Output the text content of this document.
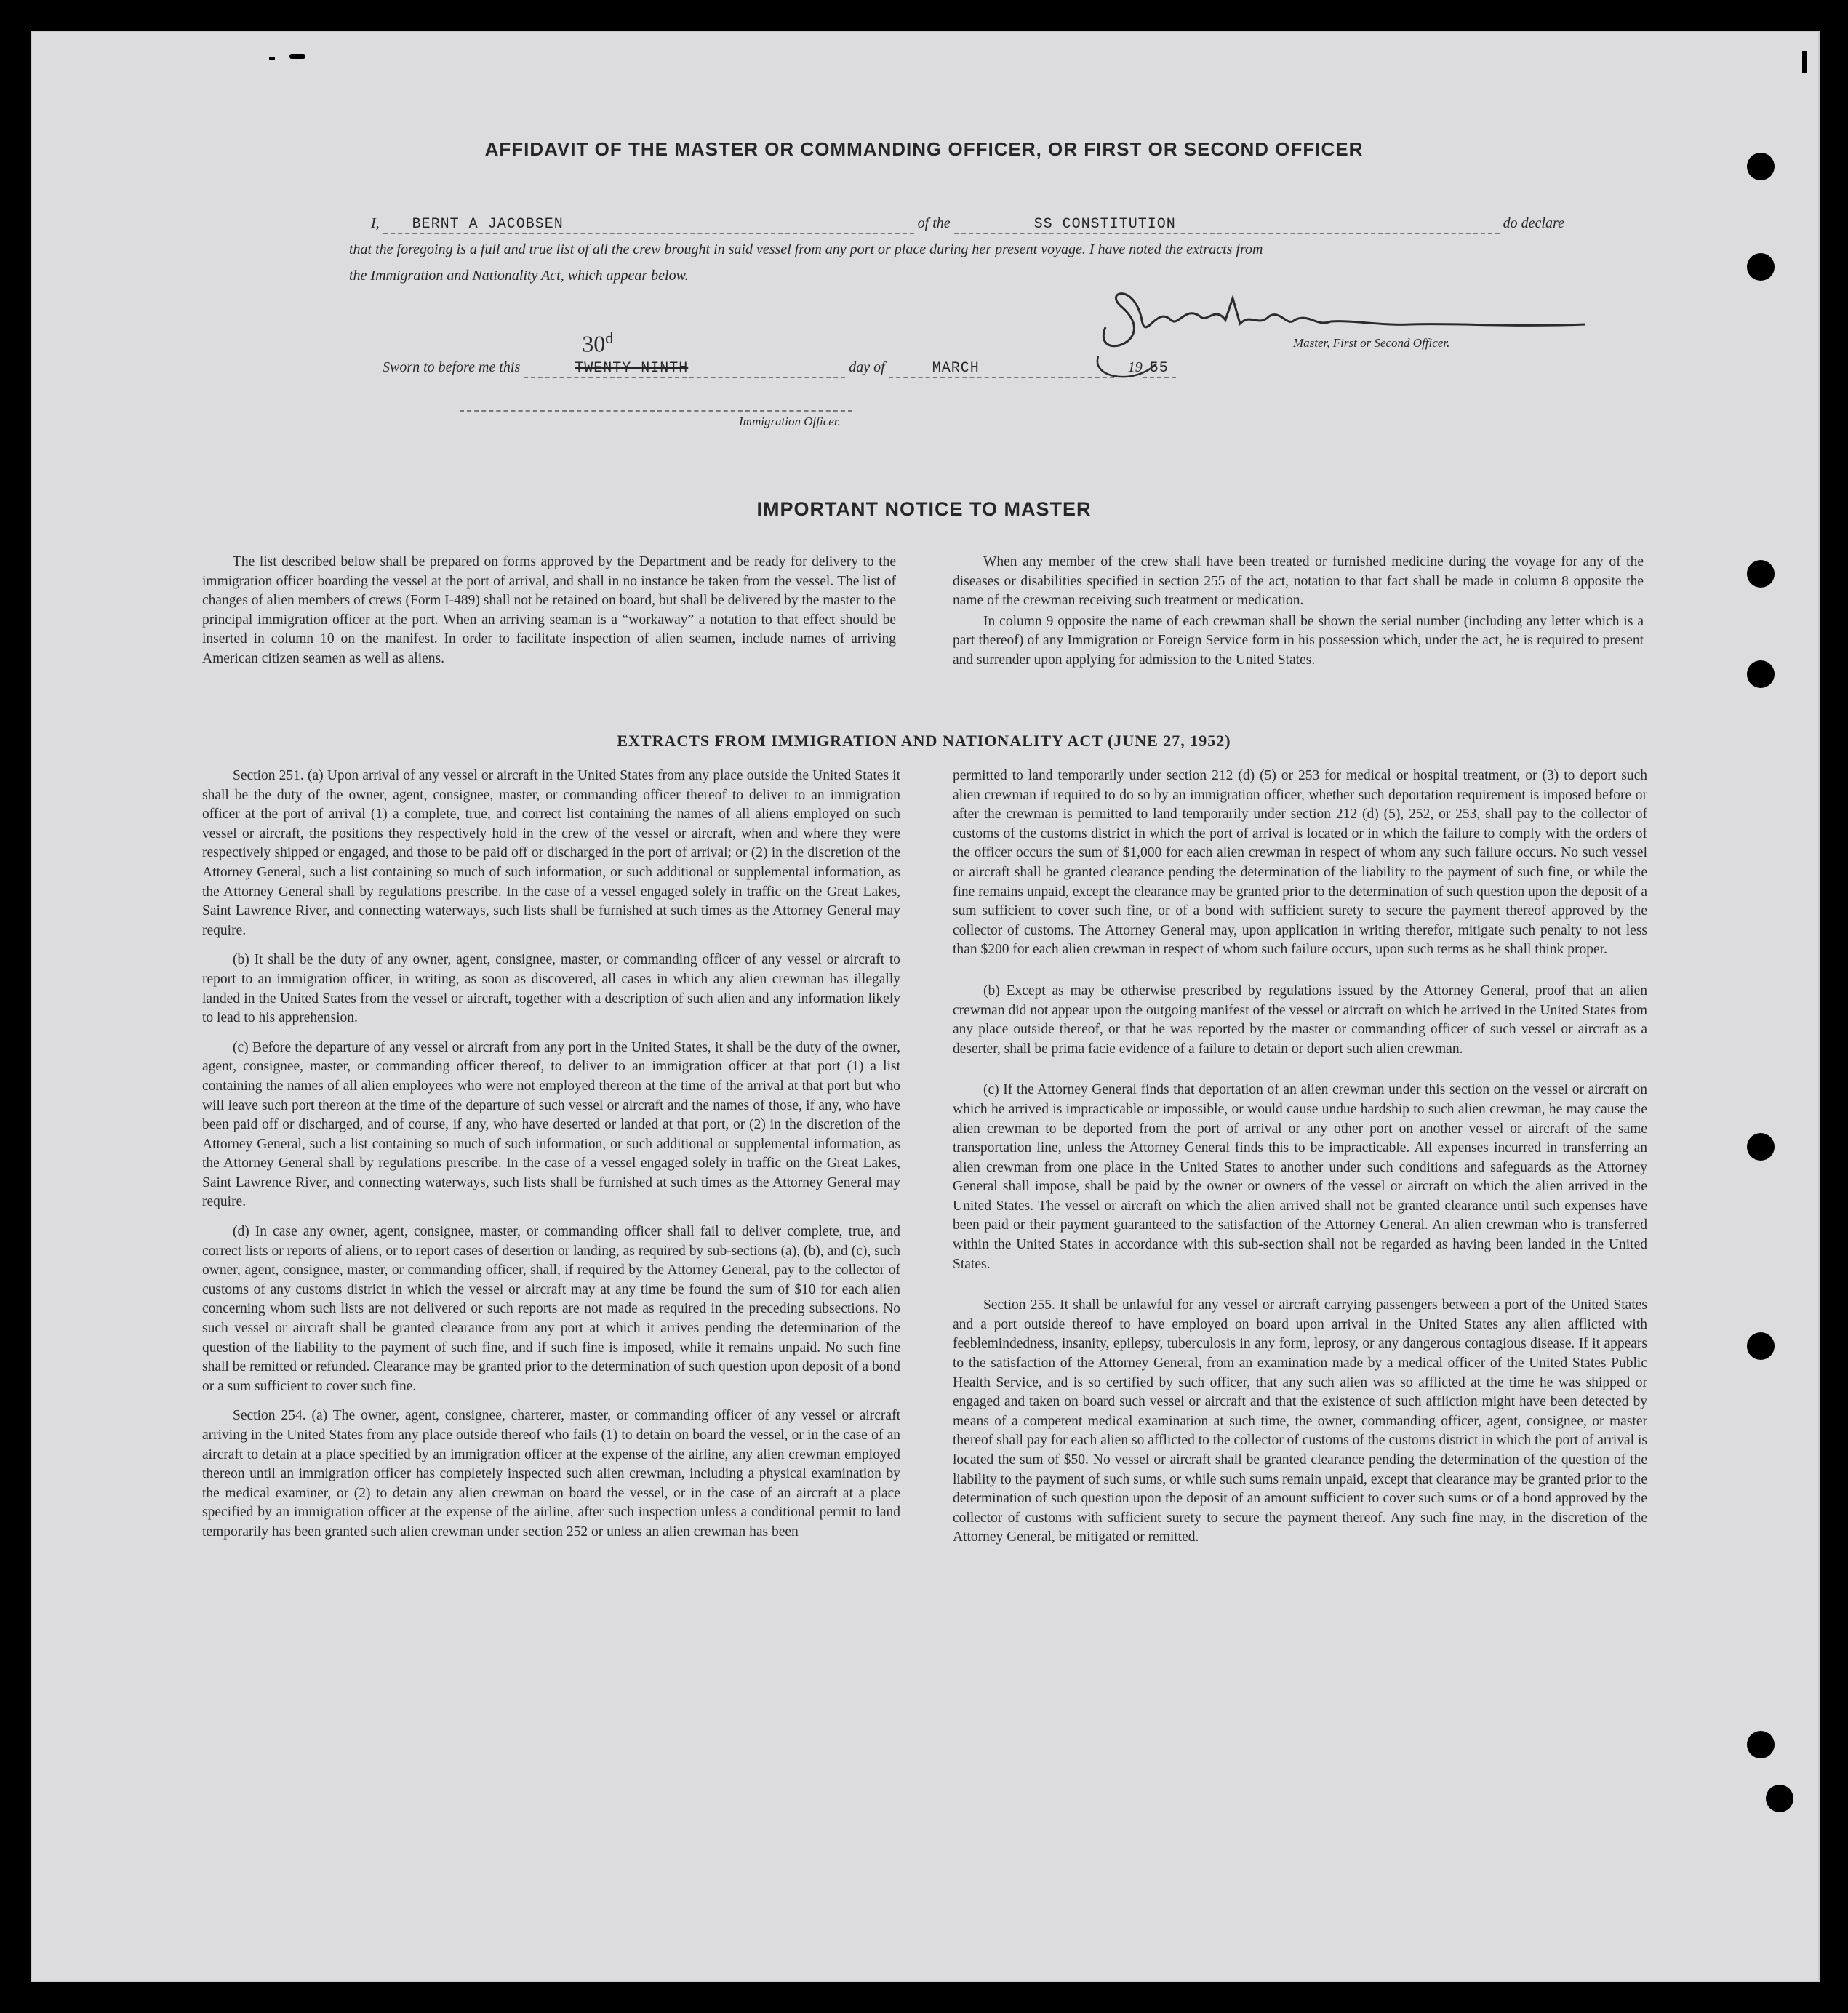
AFFIDAVIT OF THE MASTER OR COMMANDING OFFICER, OR FIRST OR SECOND OFFICER
I, BERNT A JACOBSEN	of the	SS CONSTITUTION	do declare
that the foregoing is a full and true list of all the crew brought in said vessel from any port or place during her present voyage. I have noted the extracts from
the Immigration and Nationality Act, which appear below.
Master, First or Second Officer.
Sworn to before me this	TWENTY NINTH
30$^d$
day of	MARCH	19 55
Immigration Officer.
IMPORTANT NOTICE TO MASTER

The list described below shall be prepared on forms approved by the Department and be ready for delivery to the immigration officer boarding the vessel at the port of arrival, and shall in no instance be taken from the vessel. The list of changes of alien members of crews (Form I-489) shall not be retained on board, but shall be delivered by the master to the principal immigration officer at the port. When an arriving seaman is a “workaway” a notation to that effect should be inserted in column 10 on the manifest. In order to facilitate inspection of alien seamen, include names of arriving American citizen seamen as well as aliens.

When any member of the crew shall have been treated or furnished medicine during the voyage for any of the diseases or disabilities specified in section 255 of the act, notation to that fact shall be made in column 8 opposite the name of the crewman receiving such treatment or medication.

In column 9 opposite the name of each crewman shall be shown the serial number (including any letter which is a part thereof) of any Immigration or Foreign Service form in his possession which, under the act, he is required to present and surrender upon applying for admission to the United States.

EXTRACTS FROM IMMIGRATION AND NATIONALITY ACT (JUNE 27, 1952)

Section 251. (a) Upon arrival of any vessel or aircraft in the United States from any place outside the United States it shall be the duty of the owner, agent, consignee, master, or commanding officer thereof to deliver to an immigration officer at the port of arrival (1) a complete, true, and correct list containing the names of all aliens employed on such vessel or aircraft, the positions they respectively hold in the crew of the vessel or aircraft, when and where they were respectively shipped or engaged, and those to be paid off or discharged in the port of arrival; or (2) in the discretion of the Attorney General, such a list containing so much of such information, or such additional or supplemental information, as the Attorney General shall by regulations prescribe. In the case of a vessel engaged solely in traffic on the Great Lakes, Saint Lawrence River, and connecting waterways, such lists shall be furnished at such times as the Attorney General may require.

(b) It shall be the duty of any owner, agent, consignee, master, or commanding officer of any vessel or aircraft to report to an immigration officer, in writing, as soon as discovered, all cases in which any alien crewman has illegally landed in the United States from the vessel or aircraft, together with a description of such alien and any information likely to lead to his apprehension.

(c) Before the departure of any vessel or aircraft from any port in the United States, it shall be the duty of the owner, agent, consignee, master, or commanding officer thereof, to deliver to an immigration officer at that port (1) a list containing the names of all alien employees who were not employed thereon at the time of the arrival at that port but who will leave such port thereon at the time of the departure of such vessel or aircraft and the names of those, if any, who have been paid off or discharged, and of course, if any, who have deserted or landed at that port, or (2) in the discretion of the Attorney General, such a list containing so much of such information, or such additional or supplemental information, as the Attorney General shall by regulations prescribe. In the case of a vessel engaged solely in traffic on the Great Lakes, Saint Lawrence River, and connecting waterways, such lists shall be furnished at such times as the Attorney General may require.

(d) In case any owner, agent, consignee, master, or commanding officer shall fail to deliver complete, true, and correct lists or reports of aliens, or to report cases of desertion or landing, as required by sub-sections (a), (b), and (c), such owner, agent, consignee, master, or commanding officer, shall, if required by the Attorney General, pay to the collector of customs of any customs district in which the vessel or aircraft may at any time be found the sum of $10 for each alien concerning whom such lists are not delivered or such reports are not made as required in the preceding subsections. No such vessel or aircraft shall be granted clearance from any port at which it arrives pending the determination of the question of the liability to the payment of such fine, and if such fine is imposed, while it remains unpaid. No such fine shall be remitted or refunded. Clearance may be granted prior to the determination of such question upon deposit of a bond or a sum sufficient to cover such fine.

Section 254. (a) The owner, agent, consignee, charterer, master, or commanding officer of any vessel or aircraft arriving in the United States from any place outside thereof who fails (1) to detain on board the vessel, or in the case of an aircraft to detain at a place specified by an immigration officer at the expense of the airline, any alien crewman employed thereon until an immigration officer has completely inspected such alien crewman, including a physical examination by the medical examiner, or (2) to detain any alien crewman on board the vessel, or in the case of an aircraft at a place specified by an immigration officer at the expense of the airline, after such inspection unless a conditional permit to land temporarily has been granted such alien crewman under section 252 or unless an alien crewman has been

permitted to land temporarily under section 212 (d) (5) or 253 for medical or hospital treatment, or (3) to deport such alien crewman if required to do so by an immigration officer, whether such deportation requirement is imposed before or after the crewman is permitted to land temporarily under section 212 (d) (5), 252, or 253, shall pay to the collector of customs of the customs district in which the port of arrival is located or in which the failure to comply with the orders of the officer occurs the sum of $1,000 for each alien crewman in respect of whom any such failure occurs. No such vessel or aircraft shall be granted clearance pending the determination of the liability to the payment of such fine, or while the fine remains unpaid, except the clearance may be granted prior to the determination of such question upon the deposit of a sum sufficient to cover such fine, or of a bond with sufficient surety to secure the payment thereof approved by the collector of customs. The Attorney General may, upon application in writing therefor, mitigate such penalty to not less than $200 for each alien crewman in respect of whom such failure occurs, upon such terms as he shall think proper.

(b) Except as may be otherwise prescribed by regulations issued by the Attorney General, proof that an alien crewman did not appear upon the outgoing manifest of the vessel or aircraft on which he arrived in the United States from any place outside thereof, or that he was reported by the master or commanding officer of such vessel or aircraft as a deserter, shall be prima facie evidence of a failure to detain or deport such alien crewman.

(c) If the Attorney General finds that deportation of an alien crewman under this section on the vessel or aircraft on which he arrived is impracticable or impossible, or would cause undue hardship to such alien crewman, he may cause the alien crewman to be deported from the port of arrival or any other port on another vessel or aircraft of the same transportation line, unless the Attorney General finds this to be impracticable. All expenses incurred in transferring an alien crewman from one place in the United States to another under such conditions and safeguards as the Attorney General shall impose, shall be paid by the owner or owners of the vessel or aircraft on which the alien arrived in the United States. The vessel or aircraft on which the alien arrived shall not be granted clearance until such expenses have been paid or their payment guaranteed to the satisfaction of the Attorney General. An alien crewman who is transferred within the United States in accordance with this sub-section shall not be regarded as having been landed in the United States.

Section 255. It shall be unlawful for any vessel or aircraft carrying passengers between a port of the United States and a port outside thereof to have employed on board upon arrival in the United States any alien afflicted with feeblemindedness, insanity, epilepsy, tuberculosis in any form, leprosy, or any dangerous contagious disease. If it appears to the satisfaction of the Attorney General, from an examination made by a medical officer of the United States Public Health Service, and is so certified by such officer, that any such alien was so afflicted at the time he was shipped or engaged and taken on board such vessel or aircraft and that the existence of such affliction might have been detected by means of a competent medical examination at such time, the owner, commanding officer, agent, consignee, or master thereof shall pay for each alien so afflicted to the collector of customs of the customs district in which the port of arrival is located the sum of $50. No vessel or aircraft shall be granted clearance pending the determination of the question of the liability to the payment of such sums, or while such sums remain unpaid, except that clearance may be granted prior to the determination of such question upon the deposit of an amount sufficient to cover such sums or of a bond approved by the collector of customs with sufficient surety to secure the payment thereof. Any such fine may, in the discretion of the Attorney General, be mitigated or remitted.
